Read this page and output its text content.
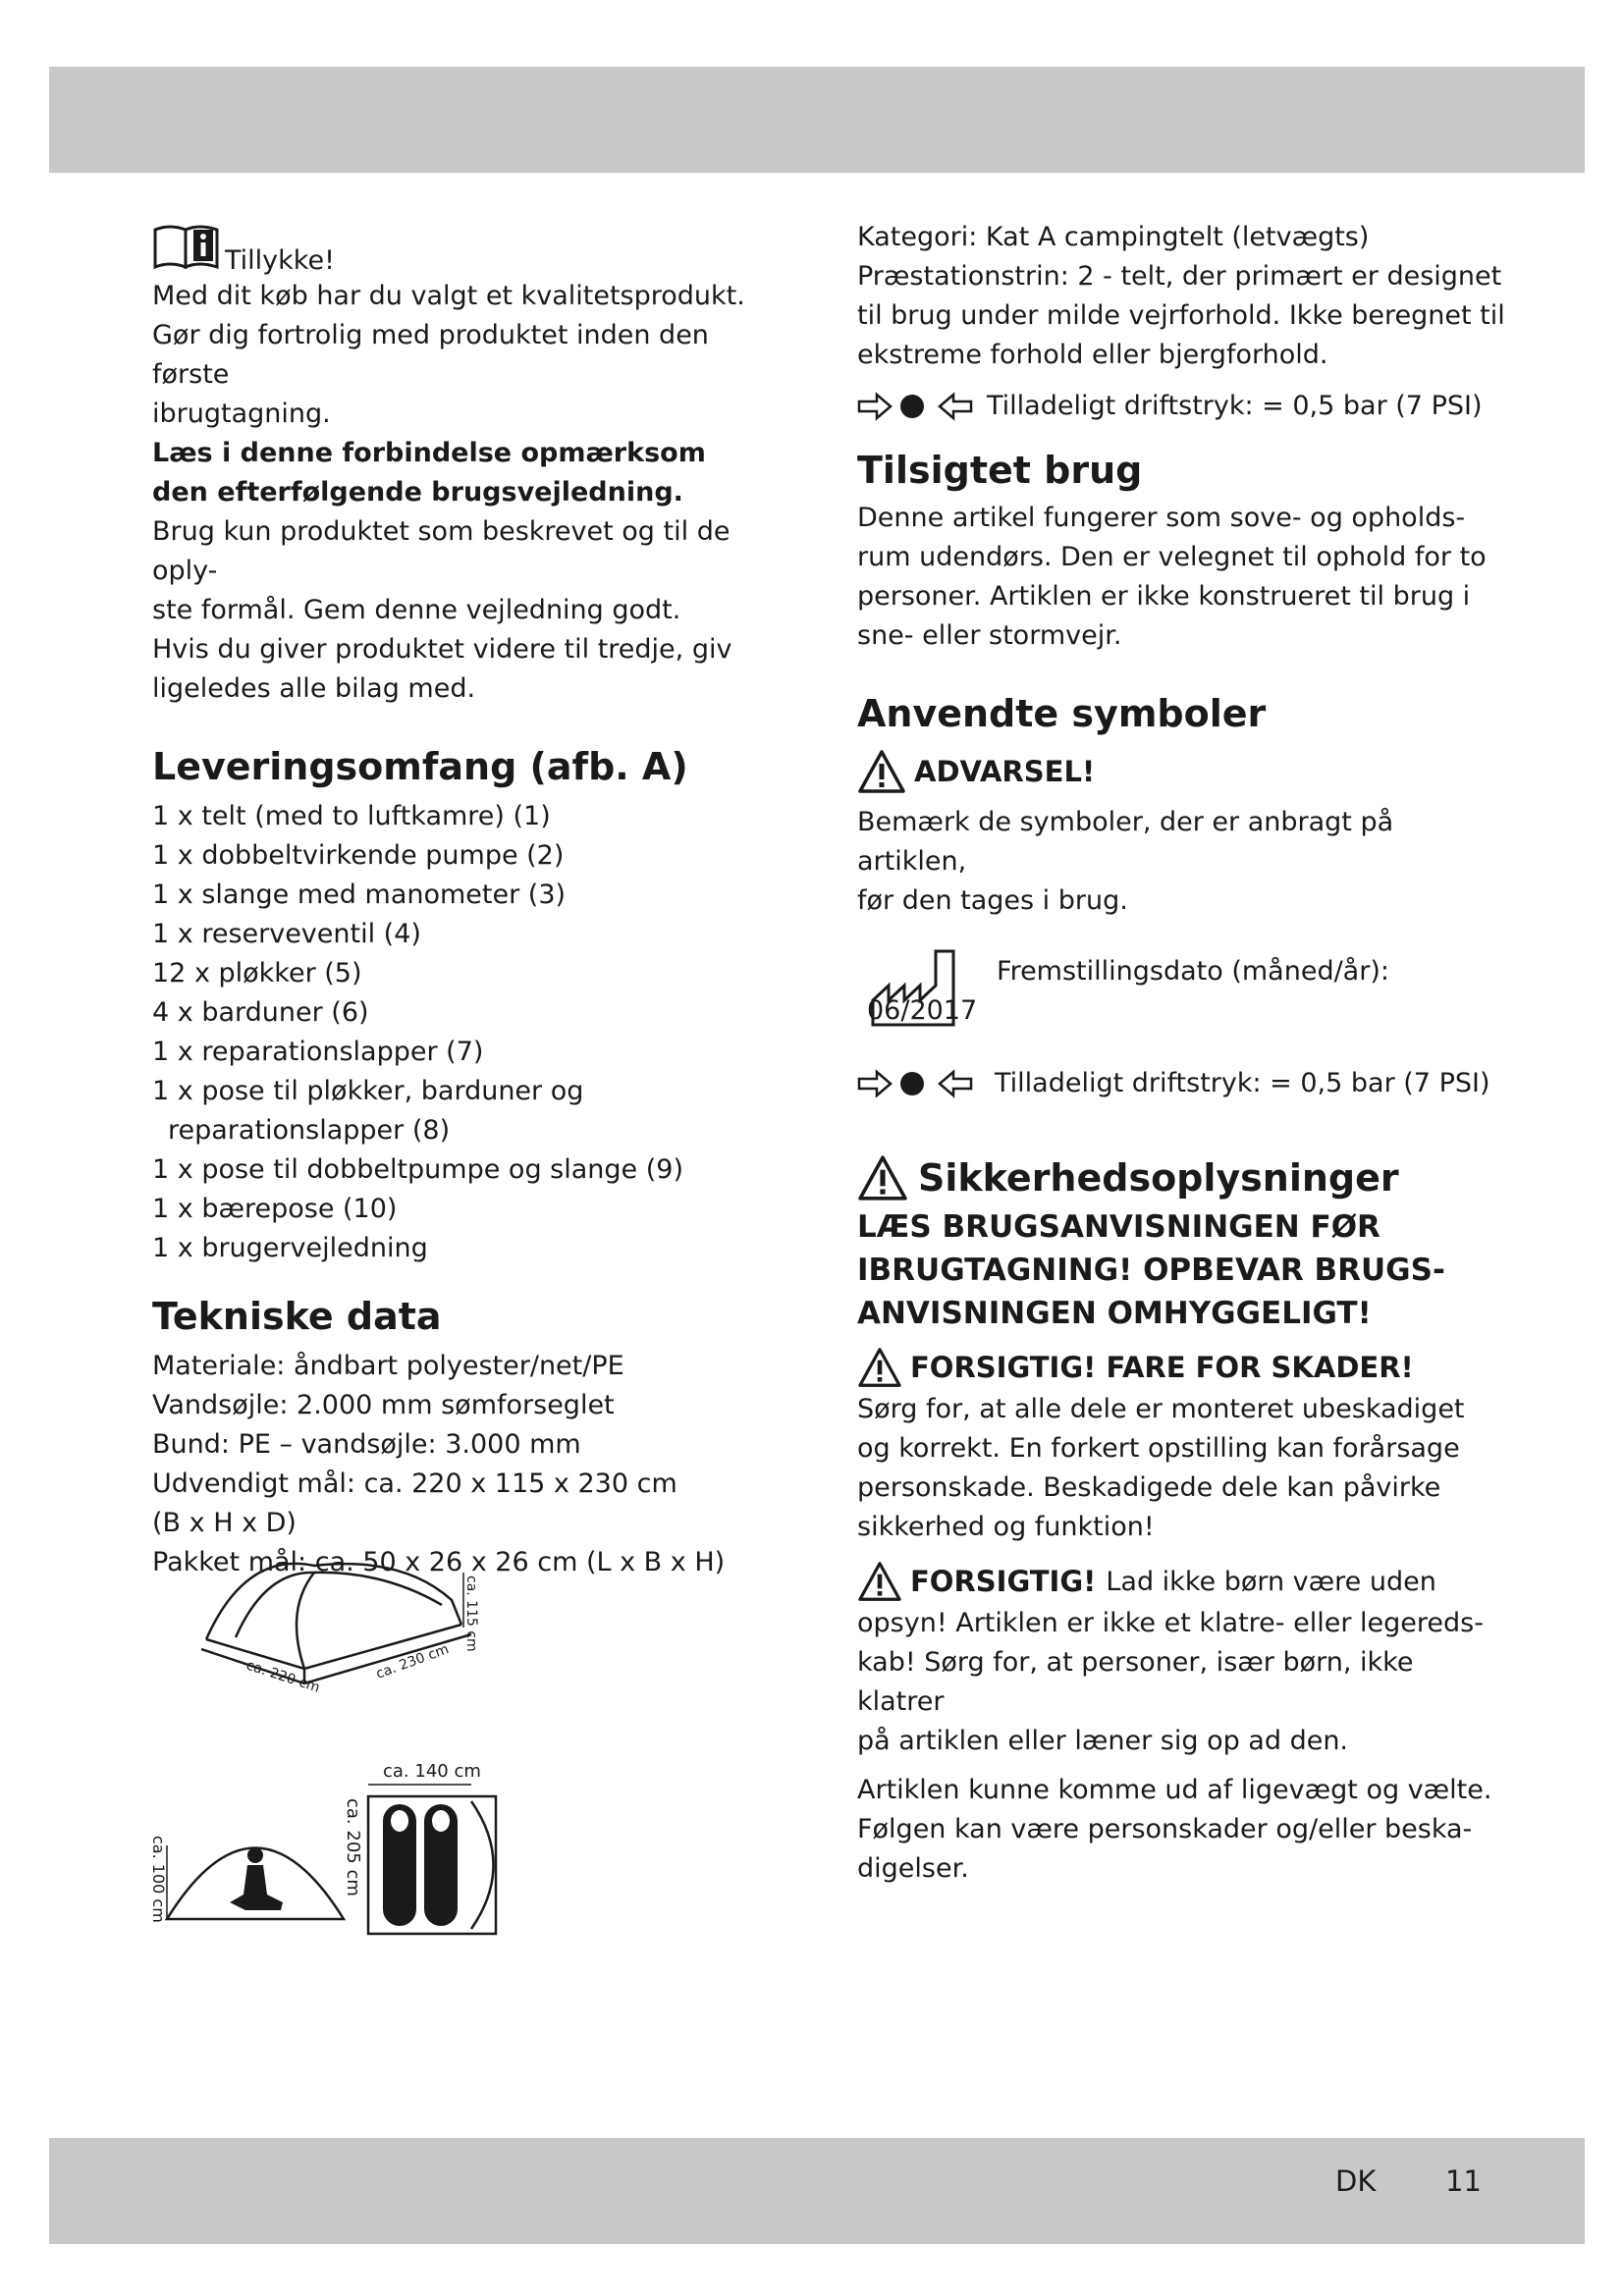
Tillykke!

Med dit køb har du valgt et kvalitetsprodukt.

Gør dig fortrolig med produktet inden den første

ibrugtagning.

Læs i denne forbindelse opmærksom

den efterfølgende brugsvejledning.

Brug kun produktet som beskrevet og til de oply-

ste formål. Gem denne vejledning godt.

Hvis du giver produktet videre til tredje, giv

ligeledes alle bilag med.

Leveringsomfang (afb. A)
1 x telt (med to luftkamre) (1)
1 x dobbeltvirkende pumpe (2)
1 x slange med manometer (3)
1 x reserveventil (4)
12 x pløkker (5)
4 x barduner (6)
1 x reparationslapper (7)
1 x pose til pløkker, barduner og
reparationslapper (8)
1 x pose til dobbeltpumpe og slange (9)
1 x bærepose (10)
1 x brugervejledning
Tekniske data

Materiale: åndbart polyester/net/PE

Vandsøjle: 2.000 mm sømforseglet

Bund: PE – vandsøjle: 3.000 mm

Udvendigt mål: ca. 220 x 115 x 230 cm

(B x H x D)

Pakket mål: ca. 50 x 26 x 26 cm (L x B x H)

ca. 115 cm
ca. 220 cm	ca. 230 cm
ca. 100 cm
ca. 140 cm
ca. 205 cm

Kategori: Kat A campingtelt (letvægts)

Præstationstrin: 2 - telt, der primært er designet

til brug under milde vejrforhold. Ikke beregnet til

ekstreme forhold eller bjergforhold.

Tilladeligt driftstryk: = 0,5 bar (7 PSI)
Tilsigtet brug

Denne artikel fungerer som sove- og opholds-

rum udendørs. Den er velegnet til ophold for to

personer. Artiklen er ikke konstrueret til brug i

sne- eller stormvejr.

Anvendte symboler
ADVARSEL!

Bemærk de symboler, der er anbragt på artiklen,

før den tages i brug.

Fremstillingsdato (måned/år):
06/2017
Tilladeligt driftstryk: = 0,5 bar (7 PSI)
Sikkerhedsoplysninger

LÆS BRUGSANVISNINGEN FØR

IBRUGTAGNING! OPBEVAR BRUGS-

ANVISNINGEN OMHYGGELIGT!

FORSIGTIG! FARE FOR SKADER!

Sørg for, at alle dele er monteret ubeskadiget

og korrekt. En forkert opstilling kan forårsage

personskade. Beskadigede dele kan påvirke

sikkerhed og funktion!

FORSIGTIG! Lad ikke børn være uden

opsyn! Artiklen er ikke et klatre- eller legereds-

kab! Sørg for, at personer, især børn, ikke klatrer

på artiklen eller læner sig op ad den.

Artiklen kunne komme ud af ligevægt og vælte.

Følgen kan være personskader og/eller beska-

digelser.

DK 11
